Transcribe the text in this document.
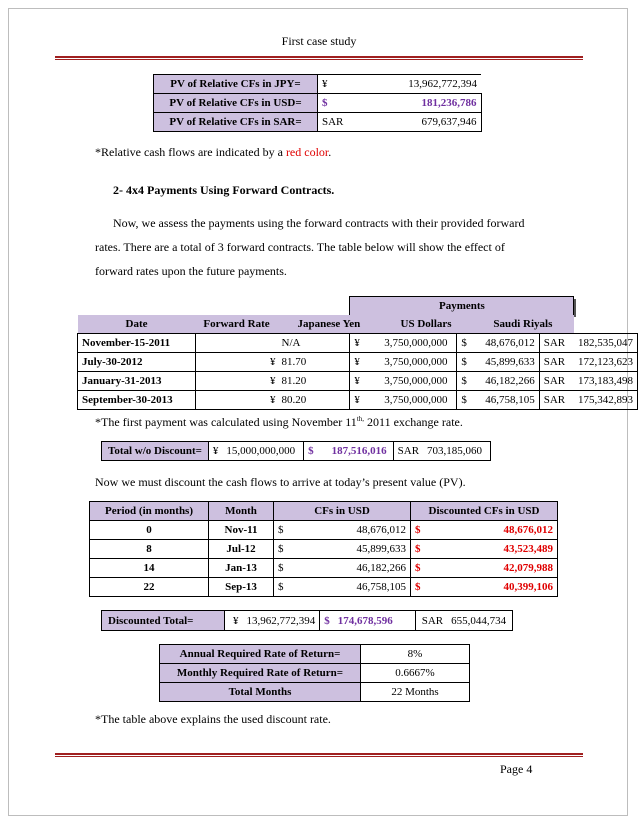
First case study
PV of Relative CFs in JPY=	¥ 13,962,772,394

PV of Relative CFs in USD=	$ 181,236,786

PV of Relative CFs in SAR=	SAR 679,637,946
*Relative cash flows are indicated by a red color.
2- 4x4 Payments Using Forward Contracts.
Now, we assess the payments using the forward contracts with their provided forward
rates. There are a total of 3 forward contracts. The table below will show the effect of
forward rates upon the future payments.
			Payments					
Date	Forward Rate	Japanese Yen		US Dollars		Saudi Riyals		
November-15-2011		N/A	¥	3,750,000,000	$	48,676,012	SAR	182,535,047
July-30-2012	¥	81.70	¥	3,750,000,000	$	45,899,633	SAR	172,123,623
January-31-2013	¥	81.20	¥	3,750,000,000	$	46,182,266	SAR	173,183,498
September-30-2013	¥	80.20	¥	3,750,000,000	$	46,758,105	SAR	175,342,893
*The first payment was calculated using November $11^{th,}$ 2011 exchange rate.
Total w/o Discount=	¥	15,000,000,000	$	187,516,016	SAR	703,185,060
Now we must discount the cash flows to arrive at today’s present value (PV).
Period (in months)	Month	CFs in USD		Discounted CFs in USD	
0	Nov-11	$	48,676,012	$	48,676,012
8	Jul-12	$	45,899,633	$	43,523,489
14	Jan-13	$	46,182,266	$	42,079,988
22	Sep-13	$	46,758,105	$	40,399,106
Discounted Total=	¥	13,962,772,394	$	174,678,596	SAR	655,044,734
Annual Required Rate of Return=	8%
Monthly Required Rate of Return=	0.6667%
Total Months	22 Months
*The table above explains the used discount rate.
Page 4
